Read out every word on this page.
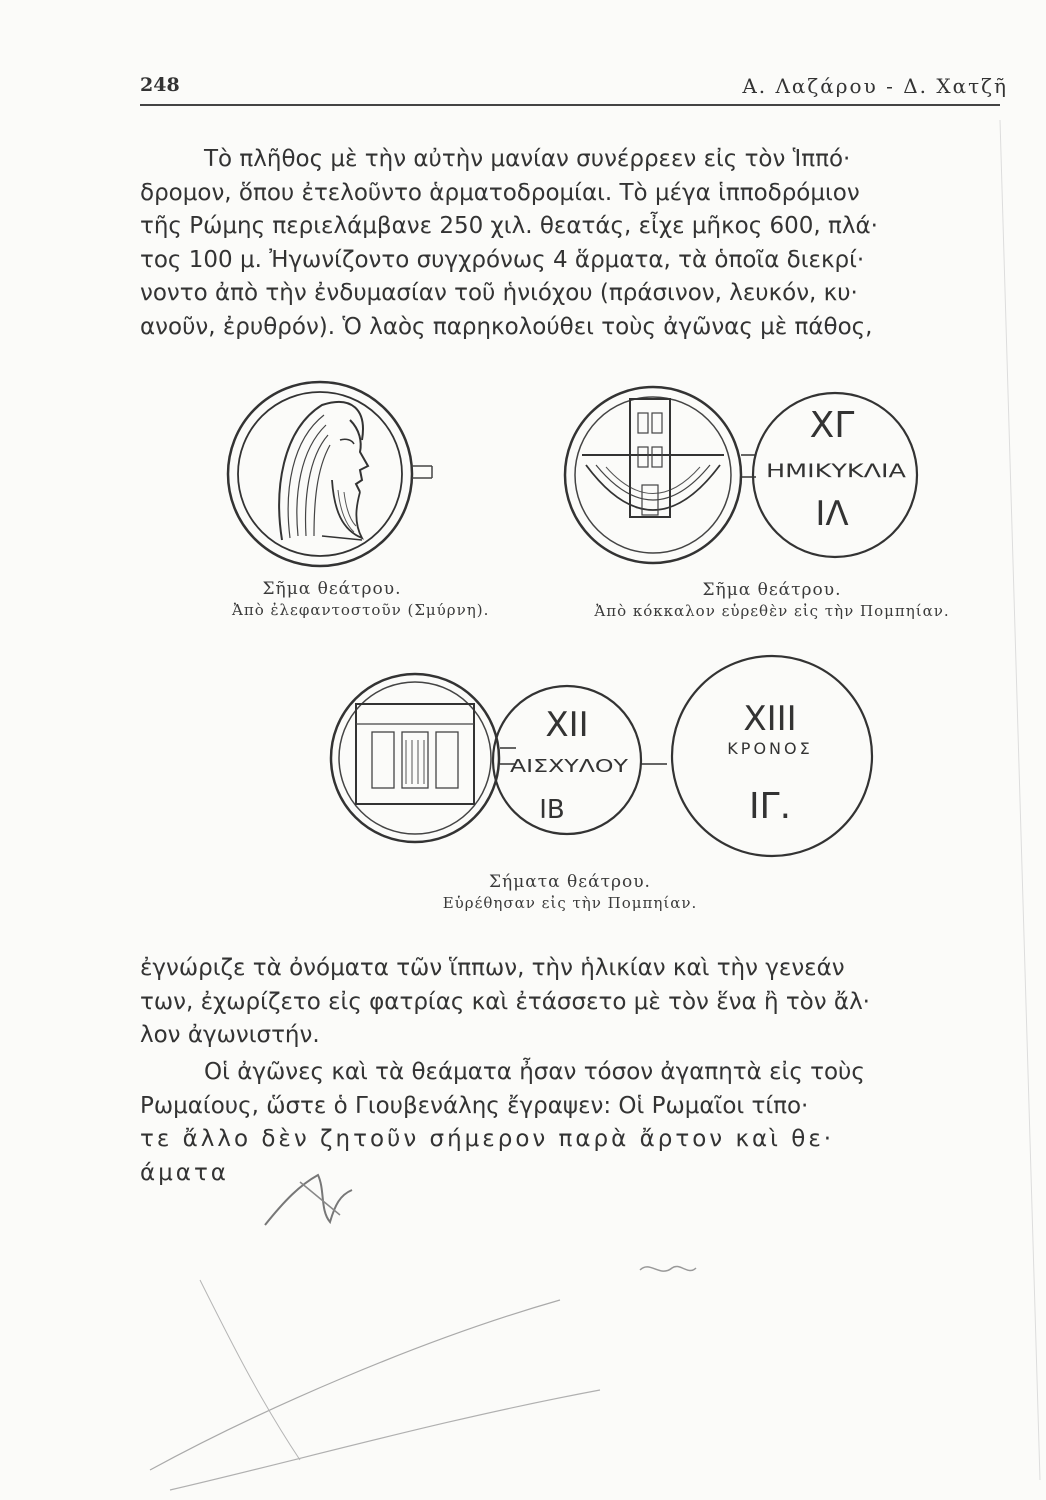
248	Α. Λαζάρου - Δ. Χατζῆ
Τὸ πλῆθος μὲ τὴν αὐτὴν μανίαν συνέρρεεν εἰς τὸν Ἱππό·
δρομον, ὅπου ἐτελοῦντο ἁρματοδρομίαι. Τὸ μέγα ἱπποδρόμιον
τῆς Ρώμης περιελάμβανε 250 χιλ. θεατάς, εἶχε μῆκος 600, πλά·
τος 100 μ. Ἠγωνίζοντο συγχρόνως 4 ἅρματα, τὰ ὁποῖα διεκρί·
νοντο ἀπὸ τὴν ἐνδυμασίαν τοῦ ἡνιόχου (πράσινον, λευκόν, κυ·
ανοῦν, ἐρυθρόν). Ὁ λαὸς παρηκολούθει τοὺς ἀγῶνας μὲ πάθος,
Σῆμα θεάτρου.
Ἀπὸ ἐλεφαντοστοῦν (Σμύρνη).
ΧΓ
ΗΜΙΚΥΚΛΙΑ
ΙΛ
Σῆμα θεάτρου.
Ἀπὸ κόκκαλον εὑρεθὲν εἰς τὴν Πομπηίαν.
ΧΙΙ
ΑΙΣΧΥΛΟΥ
ΙΒ
ΧΙΙΙ
ΚΡΟΝΟΣ
ΙΓ.
Σήματα θεάτρου.
Εὑρέθησαν εἰς τὴν Πομπηίαν.
ἐγνώριζε τὰ ὀνόματα τῶν ἵππων, τὴν ἡλικίαν καὶ τὴν γενεάν
των, ἐχωρίζετο εἰς φατρίας καὶ ἐτάσσετο μὲ τὸν ἕνα ἢ τὸν ἄλ·
λον ἀγωνιστήν.
Οἱ ἀγῶνες καὶ τὰ θεάματα ἦσαν τόσον ἀγαπητὰ εἰς τοὺς
Ρωμαίους, ὥστε ὁ Γιουβενάλης ἔγραψεν: Οἱ Ρωμαῖοι τίπο·
τε ἄλλο δὲν ζητοῦν σήμερον παρὰ ἄρτον καὶ θε·
άματα
